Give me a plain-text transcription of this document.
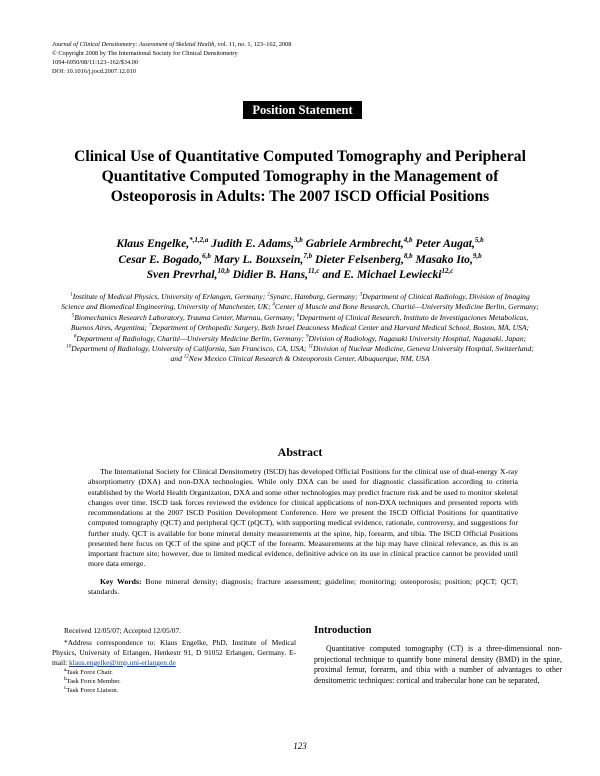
Journal of Clinical Densitometry: Assessment of Skeletal Health, vol. 11, no. 1, 123–162, 2008
© Copyright 2008 by The International Society for Clinical Densitometry
1094-6950/08/11:123–162/$34.00
DOI: 10.1016/j.jocd.2007.12.010
Position Statement
Clinical Use of Quantitative Computed Tomography and Peripheral Quantitative Computed Tomography in the Management of Osteoporosis in Adults: The 2007 ISCD Official Positions
Klaus Engelke,$^{*,1,2,a}$ Judith E. Adams,$^{3,b}$ Gabriele Armbrecht,$^{4,b}$ Peter Augat,$^{5,b}$
Cesar E. Bogado,$^{6,b}$ Mary L. Bouxsein,$^{7,b}$ Dieter Felsenberg,$^{8,b}$ Masako Ito,$^{9,b}$
Sven Prevrhal,$^{10,b}$ Didier B. Hans,$^{11,c}$ and E. Michael Lewiecki$^{12,c}$
$^1$Institute of Medical Physics, University of Erlangen, Germany; $^2$Synarc, Hamburg, Germany; $^3$Department of Clinical Radiology, Division of Imaging Science and Biomedical Engineering, University of Manchester, UK; $^4$Center of Muscle and Bone Research, Charité—University Medicine Berlin, Germany; $^5$Biomechanics Research Laboratory, Trauma Center, Murnau, Germany; $^6$Department of Clinical Research, Instituto de Investigaciones Metabolicas, Buenos Aires, Argentina; $^7$Department of Orthopedic Surgery, Beth Israel Deaconess Medical Center and Harvard Medical School, Boston, MA, USA; $^8$Department of Radiology, Charité—University Medicine Berlin, Germany; $^9$Division of Radiology, Nagasaki University Hospital, Nagasaki, Japan; $^{10}$Department of Radiology, University of California, San Francisco, CA, USA; $^{11}$Division of Nuclear Medicine, Geneva University Hospital, Switzerland; and $^{12}$New Mexico Clinical Research & Osteoporosis Center, Albuquerque, NM, USA
Abstract
The International Society for Clinical Densitometry (ISCD) has developed Official Positions for the clinical use of dual-energy X-ray absorptiometry (DXA) and non-DXA technologies. While only DXA can be used for diagnostic classification according to criteria established by the World Health Organization, DXA and some other technologies may predict fracture risk and be used to monitor skeletal changes over time. ISCD task forces reviewed the evidence for clinical applications of non-DXA techniques and presented reports with recommendations at the 2007 ISCD Position Development Conference. Here we present the ISCD Official Positions for quantitative computed tomography (QCT) and peripheral QCT (pQCT), with supporting medical evidence, rationale, controversy, and suggestions for further study. QCT is available for bone mineral density measurements at the spine, hip, forearm, and tibia. The ISCD Official Positions presented here focus on QCT of the spine and pQCT of the forearm. Measurements at the hip may have clinical relevance, as this is an important fracture site; however, due to limited medical evidence, definitive advice on its use in clinical practice cannot be provided until more data emerge.
Key Words: Bone mineral density; diagnosis; fracture assessment; guideline; monitoring; osteoporosis; position; pQCT; QCT; standards.
Received 12/05/07; Accepted 12/05/07.
*Address correspondence to: Klaus Engelke, PhD, Institute of Medical Physics, University of Erlangen, Henkestr 91, D 91052 Erlangen, Germany. E-mail: klaus.engelke@imp.uni-erlangen.de
$^a$Task Force Chair.
$^b$Task Force Member.
$^c$Task Force Liaison.
Introduction
Quantitative computed tomography (CT) is a three-dimensional non-projectional technique to quantify bone mineral density (BMD) in the spine, proximal femur, forearm, and tibia with a number of advantages to other densitometric techniques: cortical and trabecular bone can be separated,
123
